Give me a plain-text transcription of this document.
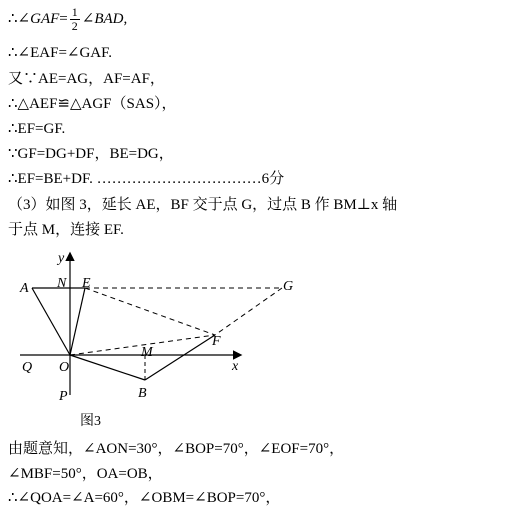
∴∠GAF= $\frac{1}{2}$ ∠BAD,
∴∠EAF=∠GAF.
又∵AE=AG，AF=AF，
∴△AEF≌△AGF（SAS），
∴EF=GF.
∵GF=DG+DF，BE=DG，
∴EF=BE+DF. ……………………………6分
（3）如图 3，延长 AE，BF 交于点 G，过点 B 作 BM⊥x 轴
于点 M，连接 EF.
A N E	G
y
F
M
Q O	x
P	B
图3
由题意知，∠AON=30°，∠BOP=70°，∠EOF=70°，
∠MBF=50°，OA=OB，
∴∠QOA=∠A=60°，∠OBM=∠BOP=70°，
